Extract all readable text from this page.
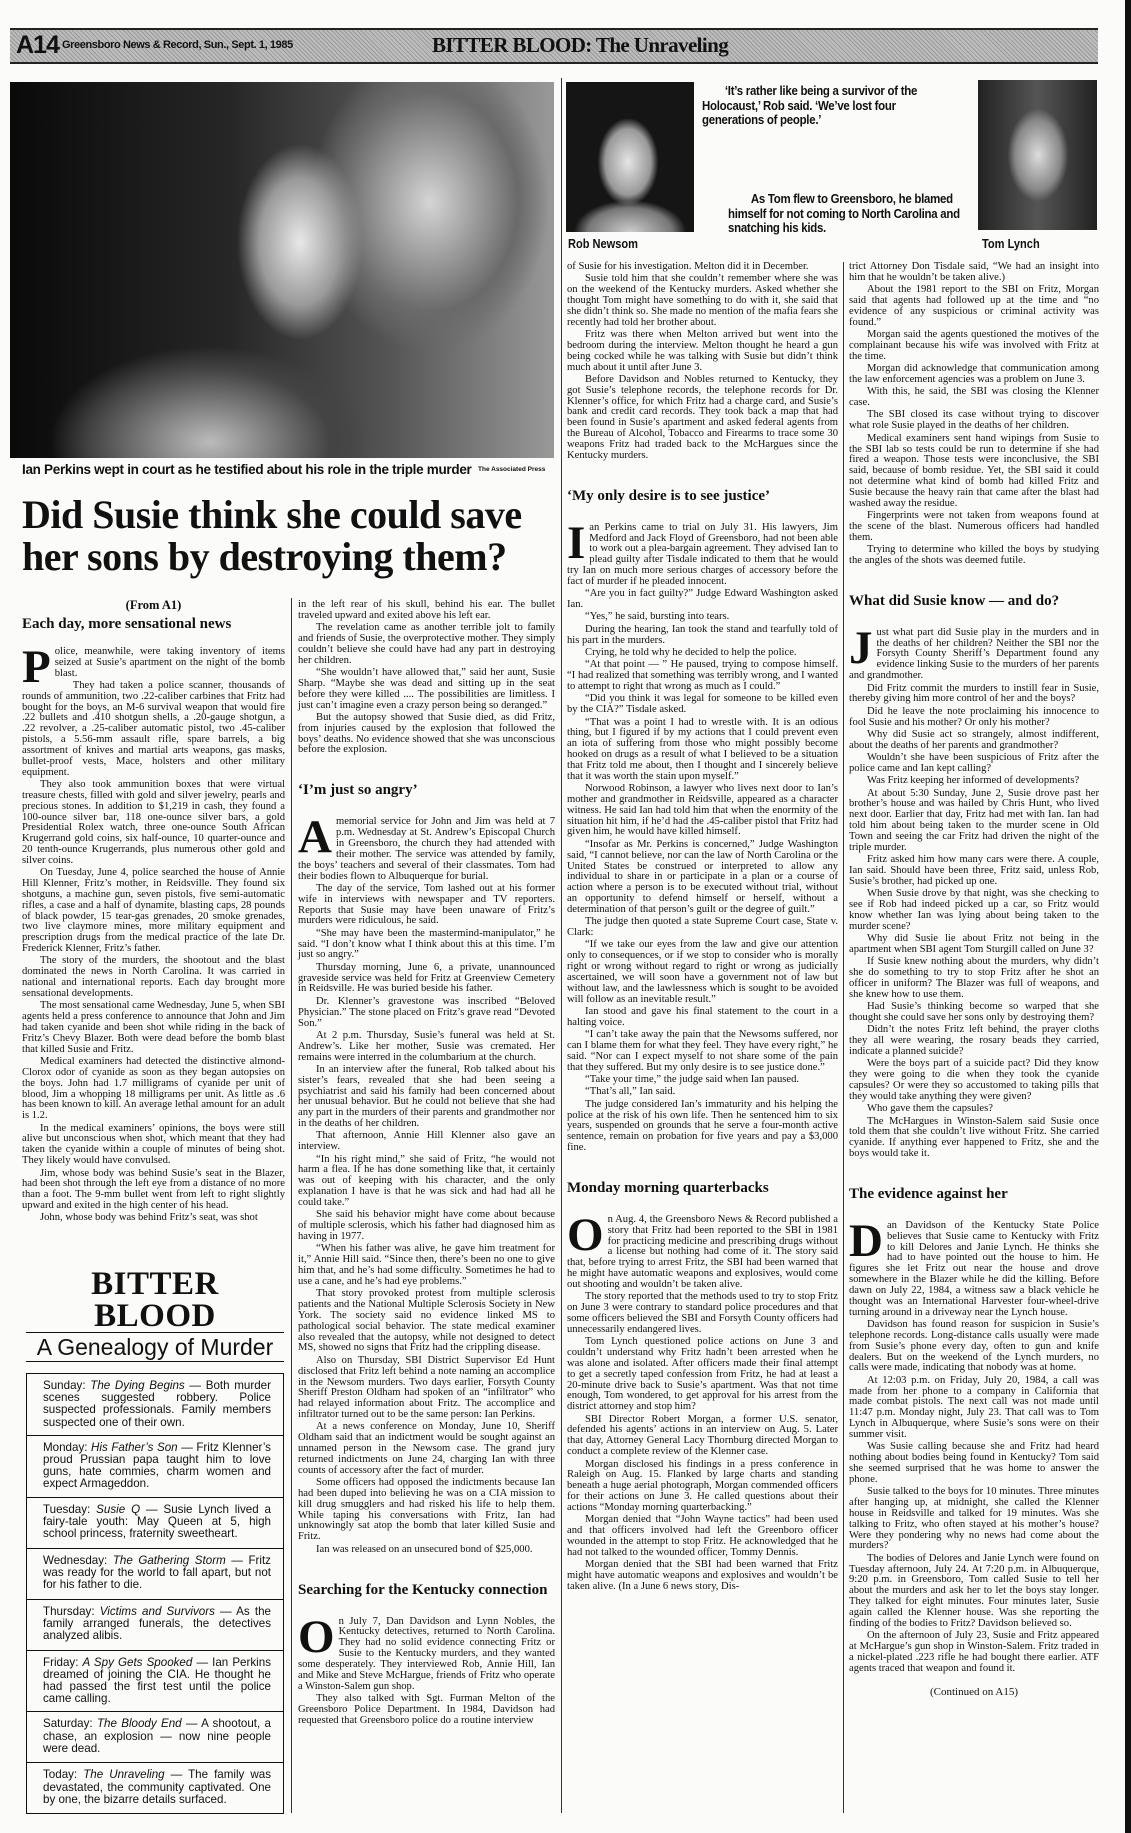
A14 Greensboro News & Record, Sun., Sept. 1, 1985	BITTER BLOOD: The Unraveling
Ian Perkins wept in court as he testified about his role in the triple murder The Associated Press
‘It’s rather like being a survivor of the Holocaust,’ Rob said. ‘We’ve lost four generations of people.’
As Tom flew to Greensboro, he blamed himself for not coming to North Carolina and snatching his kids.
Rob Newsom	Tom Lynch
Did Susie think she could save her sons by destroying them?

(From A1)

Each day, more sensational news

Police, meanwhile, were taking inventory of items seized at Susie’s apartment on the night of the bomb blast.

They had taken a police scanner, thousands of rounds of ammunition, two .22-caliber carbines that Fritz had bought for the boys, an M-6 survival weapon that would fire .22 bullets and .410 shotgun shells, a .20-gauge shotgun, a .22 revolver, a .25-caliber automatic pistol, two .45-caliber pistols, a 5.56-mm assault rifle, spare barrels, a big assortment of knives and martial arts weapons, gas masks, bullet-proof vests, Mace, holsters and other military equipment.

They also took ammunition boxes that were virtual treasure chests, filled with gold and silver jewelry, pearls and precious stones. In addition to $1,219 in cash, they found a 100-ounce silver bar, 118 one-ounce silver bars, a gold Presidential Rolex watch, three one-ounce South African Krugerrand gold coins, six half-ounce, 10 quarter-ounce and 20 tenth-ounce Krugerrands, plus numerous other gold and silver coins.

On Tuesday, June 4, police searched the house of Annie Hill Klenner, Fritz’s mother, in Reidsville. They found six shotguns, a machine gun, seven pistols, five semi-automatic rifles, a case and a half of dynamite, blasting caps, 28 pounds of black powder, 15 tear-gas grenades, 20 smoke grenades, two live claymore mines, more military equipment and prescription drugs from the medical practice of the late Dr. Frederick Klenner, Fritz’s father.

The story of the murders, the shootout and the blast dominated the news in North Carolina. It was carried in national and international reports. Each day brought more sensational developments.

The most sensational came Wednesday, June 5, when SBI agents held a press conference to announce that John and Jim had taken cyanide and been shot while riding in the back of Fritz’s Chevy Blazer. Both were dead before the bomb blast that killed Susie and Fritz.

Medical examiners had detected the distinctive almond-Clorox odor of cyanide as soon as they began autopsies on the boys. John had 1.7 milligrams of cyanide per unit of blood, Jim a whopping 18 milligrams per unit. As little as .6 has been known to kill. An average lethal amount for an adult is 1.2.

In the medical examiners’ opinions, the boys were still alive but unconscious when shot, which meant that they had taken the cyanide within a couple of minutes of being shot. They likely would have convulsed.

Jim, whose body was behind Susie’s seat in the Blazer, had been shot through the left eye from a distance of no more than a foot. The 9-mm bullet went from left to right slightly upward and exited in the high center of his head.

John, whose body was behind Fritz’s seat, was shot

in the left rear of his skull, behind his ear. The bullet traveled upward and exited above his left ear.

The revelation came as another terrible jolt to family and friends of Susie, the overprotective mother. They simply couldn’t believe she could have had any part in destroying her children.

“She wouldn’t have allowed that,” said her aunt, Susie Sharp. “Maybe she was dead and sitting up in the seat before they were killed .... The possibilities are limitless. I just can’t imagine even a crazy person being so deranged.”

But the autopsy showed that Susie died, as did Fritz, from injuries caused by the explosion that followed the boys’ deaths. No evidence showed that she was unconscious before the explosion.

‘I’m just so angry’

A memorial service for John and Jim was held at 7 p.m. Wednesday at St. Andrew’s Episcopal Church in Greensboro, the church they had attended with their mother. The service was attended by family, the boys’ teachers and several of their classmates. Tom had their bodies flown to Albuquerque for burial.

The day of the service, Tom lashed out at his former wife in interviews with newspaper and TV reporters. Reports that Susie may have been unaware of Fritz’s murders were ridiculous, he said.

“She may have been the mastermind-manipulator,” he said. “I don’t know what I think about this at this time. I’m just so angry.”

Thursday morning, June 6, a private, unannounced graveside service was held for Fritz at Greenview Cemetery in Reidsville. He was buried beside his father.

Dr. Klenner’s gravestone was inscribed “Beloved Physician.” The stone placed on Fritz’s grave read “Devoted Son.”

At 2 p.m. Thursday, Susie’s funeral was held at St. Andrew’s. Like her mother, Susie was cremated. Her remains were interred in the columbarium at the church.

In an interview after the funeral, Rob talked about his sister’s fears, revealed that she had been seeing a psychiatrist and said his family had been concerned about her unusual behavior. But he could not believe that she had any part in the murders of their parents and grandmother nor in the deaths of her children.

That afternoon, Annie Hill Klenner also gave an interview.

“In his right mind,” she said of Fritz, “he would not harm a flea. If he has done something like that, it certainly was out of keeping with his character, and the only explanation I have is that he was sick and had had all he could take.”

She said his behavior might have come about because of multiple sclerosis, which his father had diagnosed him as having in 1977.

“When his father was alive, he gave him treatment for it,” Annie Hill said. “Since then, there’s been no one to give him that, and he’s had some difficulty. Sometimes he had to use a cane, and he’s had eye problems.”

That story provoked protest from multiple sclerosis patients and the National Multiple Sclerosis Society in New York. The society said no evidence linked MS to pathological social behavior. The state medical examiner also revealed that the autopsy, while not designed to detect MS, showed no signs that Fritz had the crippling disease.

Also on Thursday, SBI District Supervisor Ed Hunt disclosed that Fritz left behind a note naming an accomplice in the Newsom murders. Two days earlier, Forsyth County Sheriff Preston Oldham had spoken of an “infiltrator” who had relayed information about Fritz. The accomplice and infiltrator turned out to be the same person: Ian Perkins.

At a news conference on Monday, June 10, Sheriff Oldham said that an indictment would be sought against an unnamed person in the Newsom case. The grand jury returned indictments on June 24, charging Ian with three counts of accessory after the fact of murder.

Some officers had opposed the indictments because Ian had been duped into believing he was on a CIA mission to kill drug smugglers and had risked his life to help them. While taping his conversations with Fritz, Ian had unknowingly sat atop the bomb that later killed Susie and Fritz.

Ian was released on an unsecured bond of $25,000.

Searching for the Kentucky connection

On July 7, Dan Davidson and Lynn Nobles, the Kentucky detectives, returned to North Carolina. They had no solid evidence connecting Fritz or Susie to the Kentucky murders, and they wanted some desperately. They interviewed Rob, Annie Hill, Ian and Mike and Steve McHargue, friends of Fritz who operate a Winston-Salem gun shop.

They also talked with Sgt. Furman Melton of the Greensboro Police Department. In 1984, Davidson had requested that Greensboro police do a routine interview

of Susie for his investigation. Melton did it in December.

Susie told him that she couldn’t remember where she was on the weekend of the Kentucky murders. Asked whether she thought Tom might have something to do with it, she said that she didn’t think so. She made no mention of the mafia fears she recently had told her brother about.

Fritz was there when Melton arrived but went into the bedroom during the interview. Melton thought he heard a gun being cocked while he was talking with Susie but didn’t think much about it until after June 3.

Before Davidson and Nobles returned to Kentucky, they got Susie’s telephone records, the telephone records for Dr. Klenner’s office, for which Fritz had a charge card, and Susie’s bank and credit card records. They took back a map that had been found in Susie’s apartment and asked federal agents from the Bureau of Alcohol, Tobacco and Firearms to trace some 30 weapons Fritz had traded back to the McHargues since the Kentucky murders.

‘My only desire is to see justice’

Ian Perkins came to trial on July 31. His lawyers, Jim Medford and Jack Floyd of Greensboro, had not been able to work out a plea-bargain agreement. They advised Ian to plead guilty after Tisdale indicated to them that he would try Ian on much more serious charges of accessory before the fact of murder if he pleaded innocent.

“Are you in fact guilty?” Judge Edward Washington asked Ian.

“Yes,” he said, bursting into tears.

During the hearing, Ian took the stand and tearfully told of his part in the murders.

Crying, he told why he decided to help the police.

“At that point — ” He paused, trying to compose himself. “I had realized that something was terribly wrong, and I wanted to attempt to right that wrong as much as I could.”

“Did you think it was legal for someone to be killed even by the CIA?” Tisdale asked.

“That was a point I had to wrestle with. It is an odious thing, but I figured if by my actions that I could prevent even an iota of suffering from those who might possibly become hooked on drugs as a result of what I believed to be a situation that Fritz told me about, then I thought and I sincerely believe that it was worth the stain upon myself.”

Norwood Robinson, a lawyer who lives next door to Ian’s mother and grandmother in Reidsville, appeared as a character witness. He said Ian had told him that when the enormity of the situation hit him, if he’d had the .45-caliber pistol that Fritz had given him, he would have killed himself.

“Insofar as Mr. Perkins is concerned,” Judge Washington said, “I cannot believe, nor can the law of North Carolina or the United States be construed or interpreted to allow any individual to share in or participate in a plan or a course of action where a person is to be executed without trial, without an opportunity to defend himself or herself, without a determination of that person’s guilt or the degree of guilt.”

The judge then quoted a state Supreme Court case, State v. Clark:

“If we take our eyes from the law and give our attention only to consequences, or if we stop to consider who is morally right or wrong without regard to right or wrong as judicially ascertained, we will soon have a government not of law but without law, and the lawlessness which is sought to be avoided will follow as an inevitable result.”

Ian stood and gave his final statement to the court in a halting voice.

“I can’t take away the pain that the Newsoms suffered, nor can I blame them for what they feel. They have every right,” he said. “Nor can I expect myself to not share some of the pain that they suffered. But my only desire is to see justice done.”

“Take your time,” the judge said when Ian paused.

“That’s all,” Ian said.

The judge considered Ian’s immaturity and his helping the police at the risk of his own life. Then he sentenced him to six years, suspended on grounds that he serve a four-month active sentence, remain on probation for five years and pay a $3,000 fine.

Monday morning quarterbacks

On Aug. 4, the Greensboro News & Record published a story that Fritz had been reported to the SBI in 1981 for practicing medicine and prescribing drugs without a license but nothing had come of it. The story said that, before trying to arrest Fritz, the SBI had been warned that he might have automatic weapons and explosives, would come out shooting and wouldn’t be taken alive.

The story reported that the methods used to try to stop Fritz on June 3 were contrary to standard police procedures and that some officers believed the SBI and Forsyth County officers had unnecessarily endangered lives.

Tom Lynch questioned police actions on June 3 and couldn’t understand why Fritz hadn’t been arrested when he was alone and isolated. After officers made their final attempt to get a secretly taped confession from Fritz, he had at least a 20-minute drive back to Susie’s apartment. Was that not time enough, Tom wondered, to get approval for his arrest from the district attorney and stop him?

SBI Director Robert Morgan, a former U.S. senator, defended his agents’ actions in an interview on Aug. 5. Later that day, Attorney General Lacy Thornburg directed Morgan to conduct a complete review of the Klenner case.

Morgan disclosed his findings in a press conference in Raleigh on Aug. 15. Flanked by large charts and standing beneath a huge aerial photograph, Morgan commended officers for their actions on June 3. He called questions about their actions “Monday morning quarterbacking.”

Morgan denied that “John Wayne tactics” had been used and that officers involved had left the Greenboro officer wounded in the attempt to stop Fritz. He acknowledged that he had not talked to the wounded officer, Tommy Dennis.

Morgan denied that the SBI had been warned that Fritz might have automatic weapons and explosives and wouldn’t be taken alive. (In a June 6 news story, Dis-

trict Attorney Don Tisdale said, “We had an insight into him that he wouldn’t be taken alive.)

About the 1981 report to the SBI on Fritz, Morgan said that agents had followed up at the time and “no evidence of any suspicious or criminal activity was found.”

Morgan said the agents questioned the motives of the complainant because his wife was involved with Fritz at the time.

Morgan did acknowledge that communication among the law enforcement agencies was a problem on June 3.

With this, he said, the SBI was closing the Klenner case.

The SBI closed its case without trying to discover what role Susie played in the deaths of her children.

Medical examiners sent hand wipings from Susie to the SBI lab so tests could be run to determine if she had fired a weapon. Those tests were inconclusive, the SBI said, because of bomb residue. Yet, the SBI said it could not determine what kind of bomb had killed Fritz and Susie because the heavy rain that came after the blast had washed away the residue.

Fingerprints were not taken from weapons found at the scene of the blast. Numerous officers had handled them.

Trying to determine who killed the boys by studying the angles of the shots was deemed futile.

What did Susie know — and do?

Just what part did Susie play in the murders and in the deaths of her children? Neither the SBI nor the Forsyth County Sheriff’s Department found any evidence linking Susie to the murders of her parents and grandmother.

Did Fritz commit the murders to instill fear in Susie, thereby giving him more control of her and the boys?

Did he leave the note proclaiming his innocence to fool Susie and his mother? Or only his mother?

Why did Susie act so strangely, almost indifferent, about the deaths of her parents and grandmother?

Wouldn’t she have been suspicious of Fritz after the police came and Ian kept calling?

Was Fritz keeping her informed of developments?

At about 5:30 Sunday, June 2, Susie drove past her brother’s house and was hailed by Chris Hunt, who lived next door. Earlier that day, Fritz had met with Ian. Ian had told him about being taken to the murder scene in Old Town and seeing the car Fritz had driven the night of the triple murder.

Fritz asked him how many cars were there. A couple, Ian said. Should have been three, Fritz said, unless Rob, Susie’s brother, had picked up one.

When Susie drove by that night, was she checking to see if Rob had indeed picked up a car, so Fritz would know whether Ian was lying about being taken to the murder scene?

Why did Susie lie about Fritz not being in the apartment when SBI agent Tom Sturgill called on June 3?

If Susie knew nothing about the murders, why didn’t she do something to try to stop Fritz after he shot an officer in uniform? The Blazer was full of weapons, and she knew how to use them.

Had Susie’s thinking become so warped that she thought she could save her sons only by destroying them?

Didn’t the notes Fritz left behind, the prayer cloths they all were wearing, the rosary beads they carried, indicate a planned suicide?

Were the boys part of a suicide pact? Did they know they were going to die when they took the cyanide capsules? Or were they so accustomed to taking pills that they would take anything they were given?

Who gave them the capsules?

The McHargues in Winston-Salem said Susie once told them that she couldn’t live without Fritz. She carried cyanide. If anything ever happened to Fritz, she and the boys would take it.

The evidence against her

Dan Davidson of the Kentucky State Police believes that Susie came to Kentucky with Fritz to kill Delores and Janie Lynch. He thinks she had to have pointed out the house to him. He figures she let Fritz out near the house and drove somewhere in the Blazer while he did the killing. Before dawn on July 22, 1984, a witness saw a black vehicle he thought was an International Harvester four-wheel-drive turning around in a driveway near the Lynch house.

Davidson has found reason for suspicion in Susie’s telephone records. Long-distance calls usually were made from Susie’s phone every day, often to gun and knife dealers. But on the weekend of the Lynch murders, no calls were made, indicating that nobody was at home.

At 12:03 p.m. on Friday, July 20, 1984, a call was made from her phone to a company in California that made combat pistols. The next call was not made until 11:47 p.m. Monday night, July 23. That call was to Tom Lynch in Albuquerque, where Susie’s sons were on their summer visit.

Was Susie calling because she and Fritz had heard nothing about bodies being found in Kentucky? Tom said she seemed surprised that he was home to answer the phone.

Susie talked to the boys for 10 minutes. Three minutes after hanging up, at midnight, she called the Klenner house in Reidsville and talked for 19 minutes. Was she talking to Fritz, who often stayed at his mother’s house? Were they pondering why no news had come about the murders?

The bodies of Delores and Janie Lynch were found on Tuesday afternoon, July 24. At 7:20 p.m. in Albuquerque, 9:20 p.m. in Greensboro, Tom called Susie to tell her about the murders and ask her to let the boys stay longer. They talked for eight minutes. Four minutes later, Susie again called the Klenner house. Was she reporting the finding of the bodies to Fritz? Davidson believed so.

On the afternoon of July 23, Susie and Fritz appeared at McHargue’s gun shop in Winston-Salem. Fritz traded in a nickel-plated .223 rifle he had bought there earlier. ATF agents traced that weapon and found it.

(Continued on A15)

BITTER BLOOD
A Genealogy of Murder
Sunday: The Dying Begins — Both murder scenes suggested robbery. Police suspected professionals. Family members suspected one of their own.
Monday: His Father’s Son — Fritz Klenner’s proud Prussian papa taught him to love guns, hate commies, charm women and expect Armageddon.
Tuesday: Susie Q — Susie Lynch lived a fairy-tale youth: May Queen at 5, high school princess, fraternity sweetheart.
Wednesday: The Gathering Storm — Fritz was ready for the world to fall apart, but not for his father to die.
Thursday: Victims and Survivors — As the family arranged funerals, the detectives analyzed alibis.
Friday: A Spy Gets Spooked — Ian Perkins dreamed of joining the CIA. He thought he had passed the first test until the police came calling.
Saturday: The Bloody End — A shootout, a chase, an explosion — now nine people were dead.
Today: The Unraveling — The family was devastated, the community captivated. One by one, the bizarre details surfaced.
